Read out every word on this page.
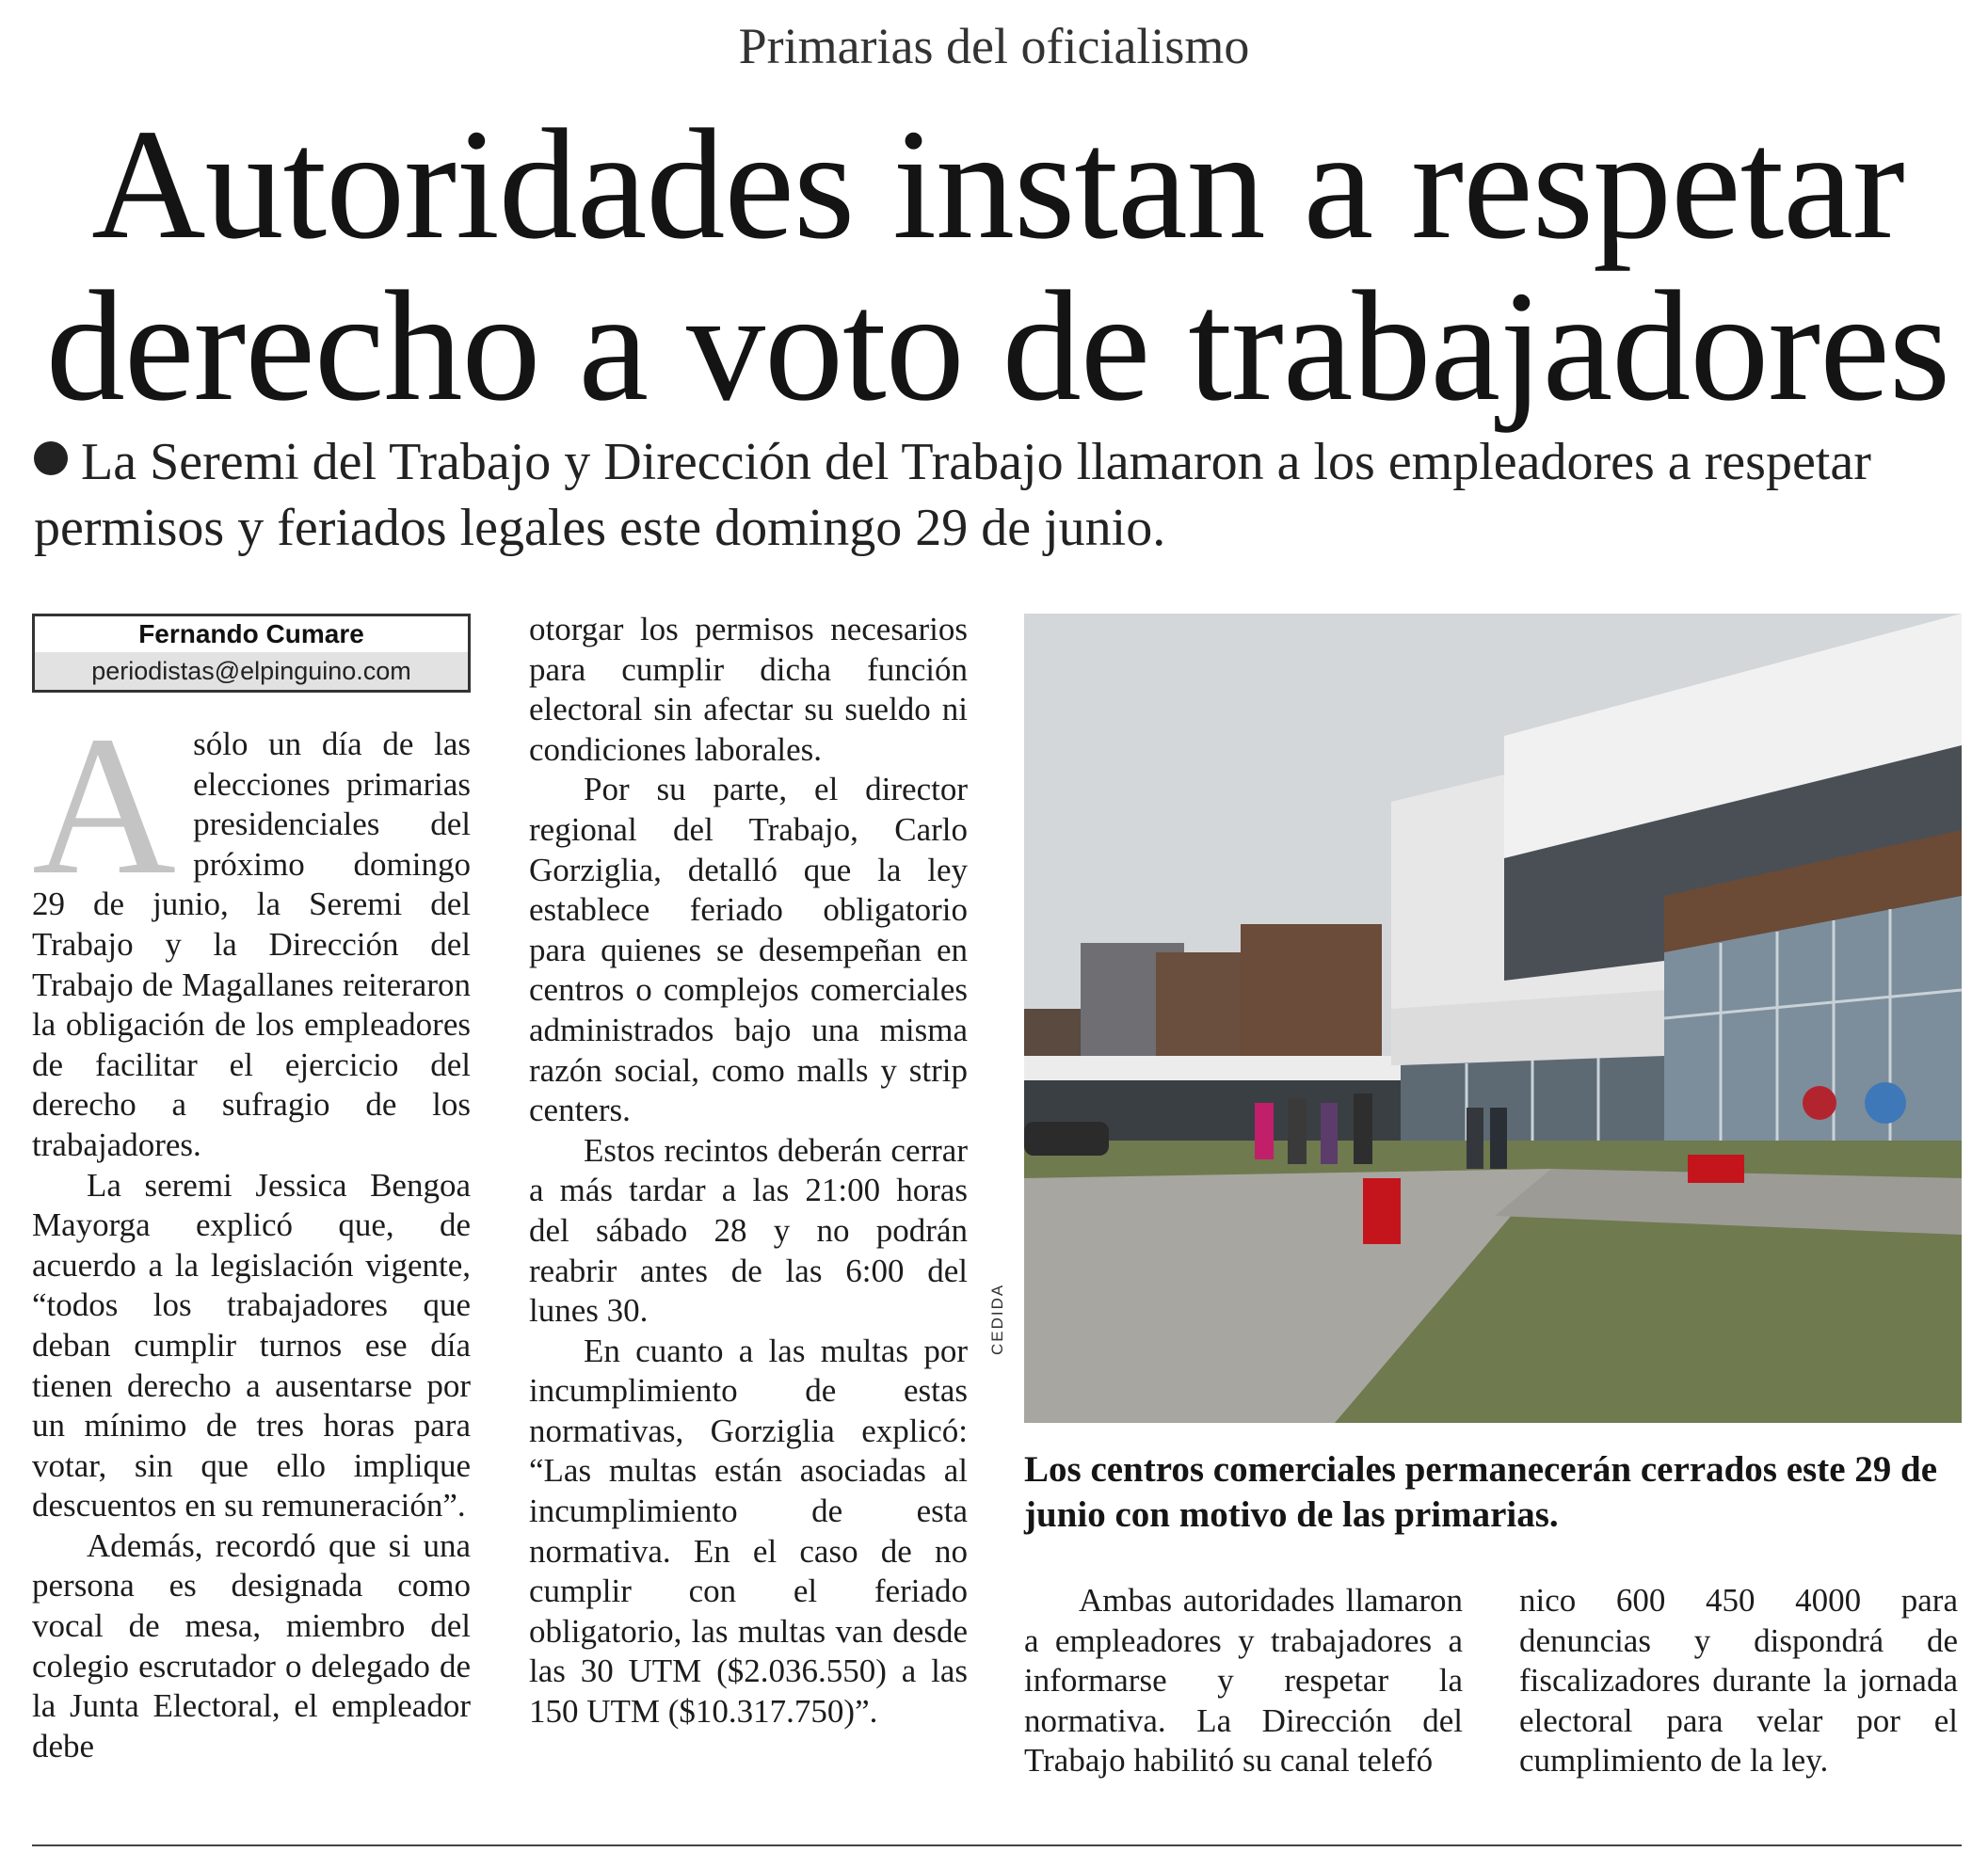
Primarias del oficialismo
Autoridades instan a respetar derecho a voto de trabajadores
La Seremi del Trabajo y Dirección del Trabajo llamaron a los empleadores a respetar permisos y feriados legales este domingo 29 de junio.
Fernando Cumare
periodistas@elpinguino.com
A sólo un día de las elecciones primarias presidenciales del próximo domingo 29 de junio, la Seremi del Trabajo y la Dirección del Trabajo de Magallanes reiteraron la obligación de los empleadores de facilitar el ejercicio del derecho a sufragio de los trabajadores.

La seremi Jessica Bengoa Mayorga explicó que, de acuerdo a la legislación vigente, “todos los trabajadores que deban cumplir turnos ese día tienen derecho a ausentarse por un mínimo de tres horas para votar, sin que ello implique descuentos en su remuneración”.

Además, recordó que si una persona es designada como vocal de mesa, miembro del colegio escrutador o delegado de la Junta Electoral, el empleador debe

otorgar los permisos necesarios para cumplir dicha función electoral sin afectar su sueldo ni condiciones laborales.

Por su parte, el director regional del Trabajo, Carlo Gorziglia, detalló que la ley establece feriado obligatorio para quienes se desempeñan en centros o complejos comerciales administrados bajo una misma razón social, como malls y strip centers.

Estos recintos deberán cerrar a más tardar a las 21:00 horas del sábado 28 y no podrán reabrir antes de las 6:00 del lunes 30.

En cuanto a las multas por incumplimiento de estas normativas, Gorziglia explicó: “Las multas están asociadas al incumplimiento de esta normativa. En el caso de no cumplir con el feriado obligatorio, las multas van desde las 30 UTM ($2.036.550) a las 150 UTM ($10.317.750)”.

CEDIDA
Los centros comerciales permanecerán cerrados este 29 de junio con motivo de las primarias.

Ambas autoridades llamaron a empleadores y trabajadores a informarse y respetar la normativa. La Dirección del Trabajo habilitó su canal telefó

nico 600 450 4000 para denuncias y dispondrá de fiscalizadores durante la jornada electoral para velar por el cumplimiento de la ley.
